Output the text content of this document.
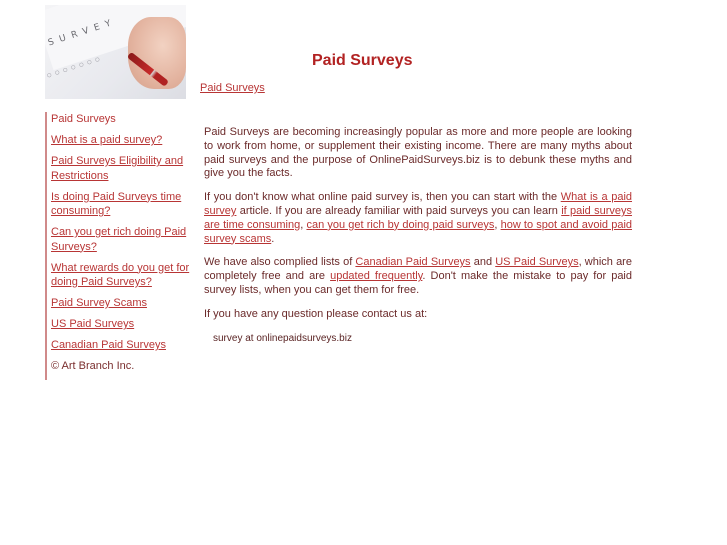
SURVEY
○○○○○○○	Paid Surveys
Paid Surveys
Paid Surveys
What is a paid survey?
Paid Surveys Eligibility and Restrictions
Is doing Paid Surveys time consuming?
Can you get rich doing Paid Surveys?
What rewards do you get for doing Paid Surveys?
Paid Survey Scams
US Paid Surveys
Canadian Paid Surveys
© Art Branch Inc.

Paid Surveys are becoming increasingly popular as more and more people are looking to work from home, or supplement their existing income. There are many myths about paid surveys and the purpose of OnlinePaidSurveys.biz is to debunk these myths and give you the facts.

If you don't know what online paid survey is, then you can start with the What is a paid survey article. If you are already familiar with paid surveys you can learn if paid surveys are time consuming, can you get rich by doing paid surveys, how to spot and avoid paid survey scams.

We have also complied lists of Canadian Paid Surveys and US Paid Surveys, which are completely free and are updated frequently. Don't make the mistake to pay for paid survey lists, when you can get them for free.

If you have any question please contact us at:

survey at onlinepaidsurveys.biz
